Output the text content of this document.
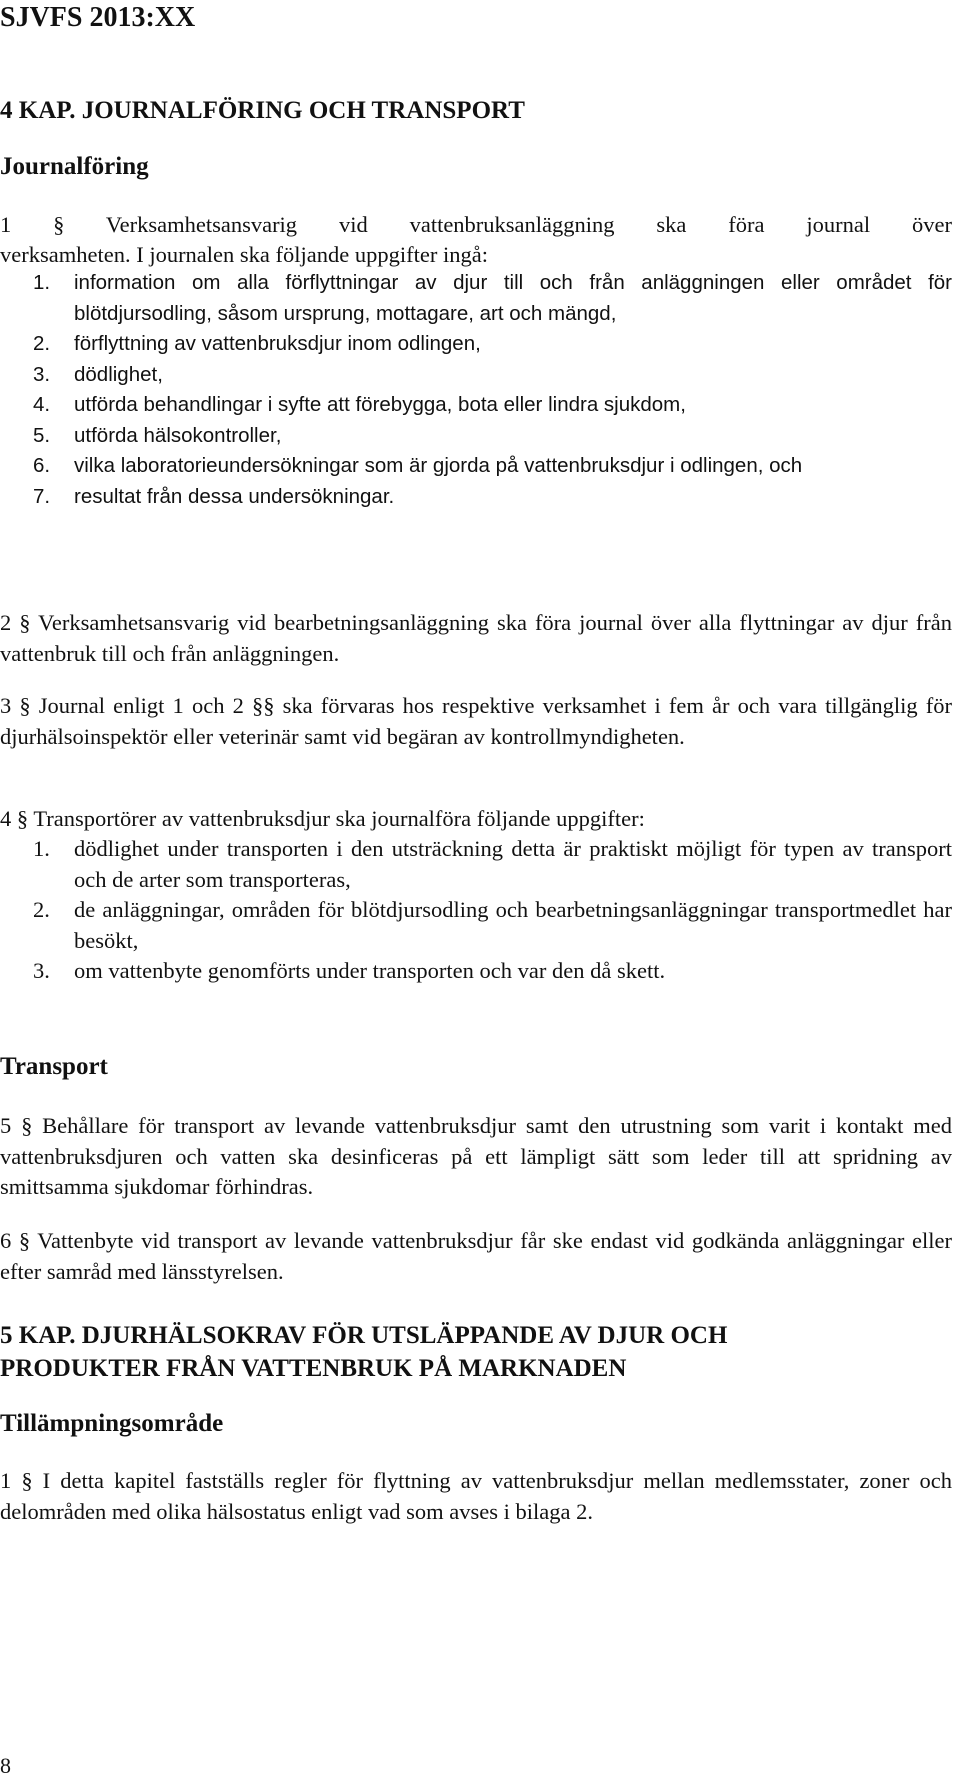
SJVFS 2013:XX
4 KAP. JOURNALFÖRING OCH TRANSPORT
Journalföring
1 § Verksamhetsansvarig vid vattenbruksanläggning ska föra journal över
verksamheten. I journalen ska följande uppgifter ingå:
1. information om alla förflyttningar av djur till och från anläggningen eller området för blötdjursodling, såsom ursprung, mottagare, art och mängd,
2. förflyttning av vattenbruksdjur inom odlingen,
3. dödlighet,
4. utförda behandlingar i syfte att förebygga, bota eller lindra sjukdom,
5. utförda hälsokontroller,
6. vilka laboratorieundersökningar som är gjorda på vattenbruksdjur i odlingen, och
7. resultat från dessa undersökningar.
2 § Verksamhetsansvarig vid bearbetningsanläggning ska föra journal över alla flyttningar av djur från vattenbruk till och från anläggningen.
3 § Journal enligt 1 och 2 §§ ska förvaras hos respektive verksamhet i fem år och vara tillgänglig för djurhälsoinspektör eller veterinär samt vid begäran av kontrollmyndigheten.
4 § Transportörer av vattenbruksdjur ska journalföra följande uppgifter:
1. dödlighet under transporten i den utsträckning detta är praktiskt möjligt för typen av transport och de arter som transporteras,
2. de anläggningar, områden för blötdjursodling och bearbetningsanläggningar transportmedlet har besökt,
3. om vattenbyte genomförts under transporten och var den då skett.
Transport
5 § Behållare för transport av levande vattenbruksdjur samt den utrustning som varit i kontakt med vattenbruksdjuren och vatten ska desinficeras på ett lämpligt sätt som leder till att spridning av smittsamma sjukdomar förhindras.
6 § Vattenbyte vid transport av levande vattenbruksdjur får ske endast vid godkända anläggningar eller efter samråd med länsstyrelsen.
5 KAP. DJURHÄLSOKRAV FÖR UTSLÄPPANDE AV DJUR OCH
PRODUKTER FRÅN VATTENBRUK PÅ MARKNADEN
Tillämpningsområde
1 § I detta kapitel fastställs regler för flyttning av vattenbruksdjur mellan medlemsstater, zoner och delområden med olika hälsostatus enligt vad som avses i bilaga 2.
8
